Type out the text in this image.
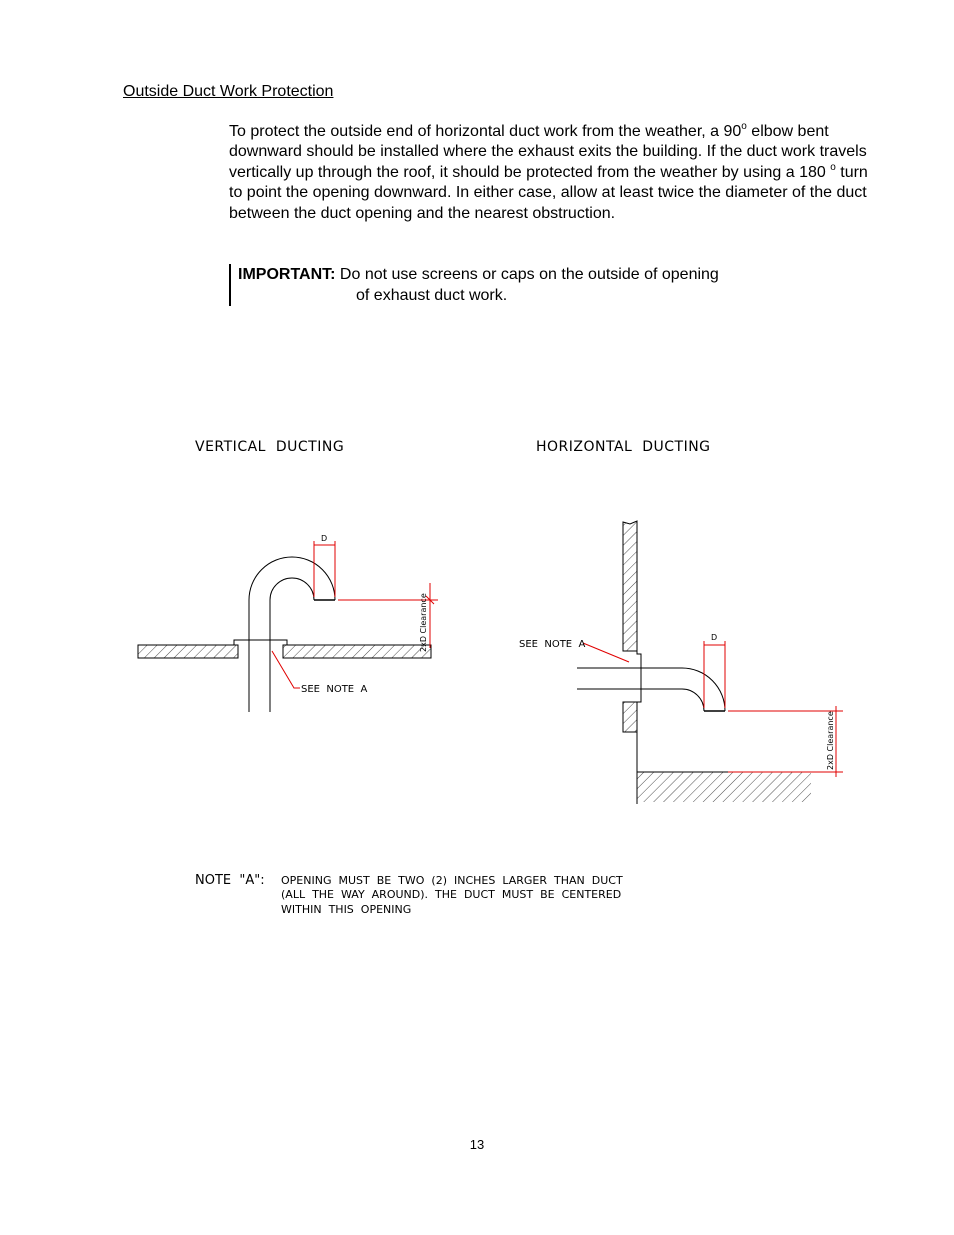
Outside Duct Work Protection
To protect the outside end of horizontal duct work from the weather, a 90$^o$ elbow bent downward should be installed where the exhaust exits the building. If the duct work travels vertically up through the roof, it should be protected from the weather by using a 180 $^o$ turn to point the opening downward. In either case, allow at least twice the diameter of the duct between the duct opening and the nearest obstruction.
IMPORTANT: Do not use screens or caps on the outside of opening
of exhaust duct work.
VERTICAL  DUCTING	HORIZONTAL  DUCTING
D
2xD Clearance
SEE  NOTE  A
D
2xD Clearance
SEE  NOTE  A
NOTE  "A": OPENING  MUST  BE  TWO  (2)  INCHES  LARGER  THAN  DUCT
(ALL  THE  WAY  AROUND).  THE  DUCT  MUST  BE  CENTERED
WITHIN  THIS  OPENING
13
